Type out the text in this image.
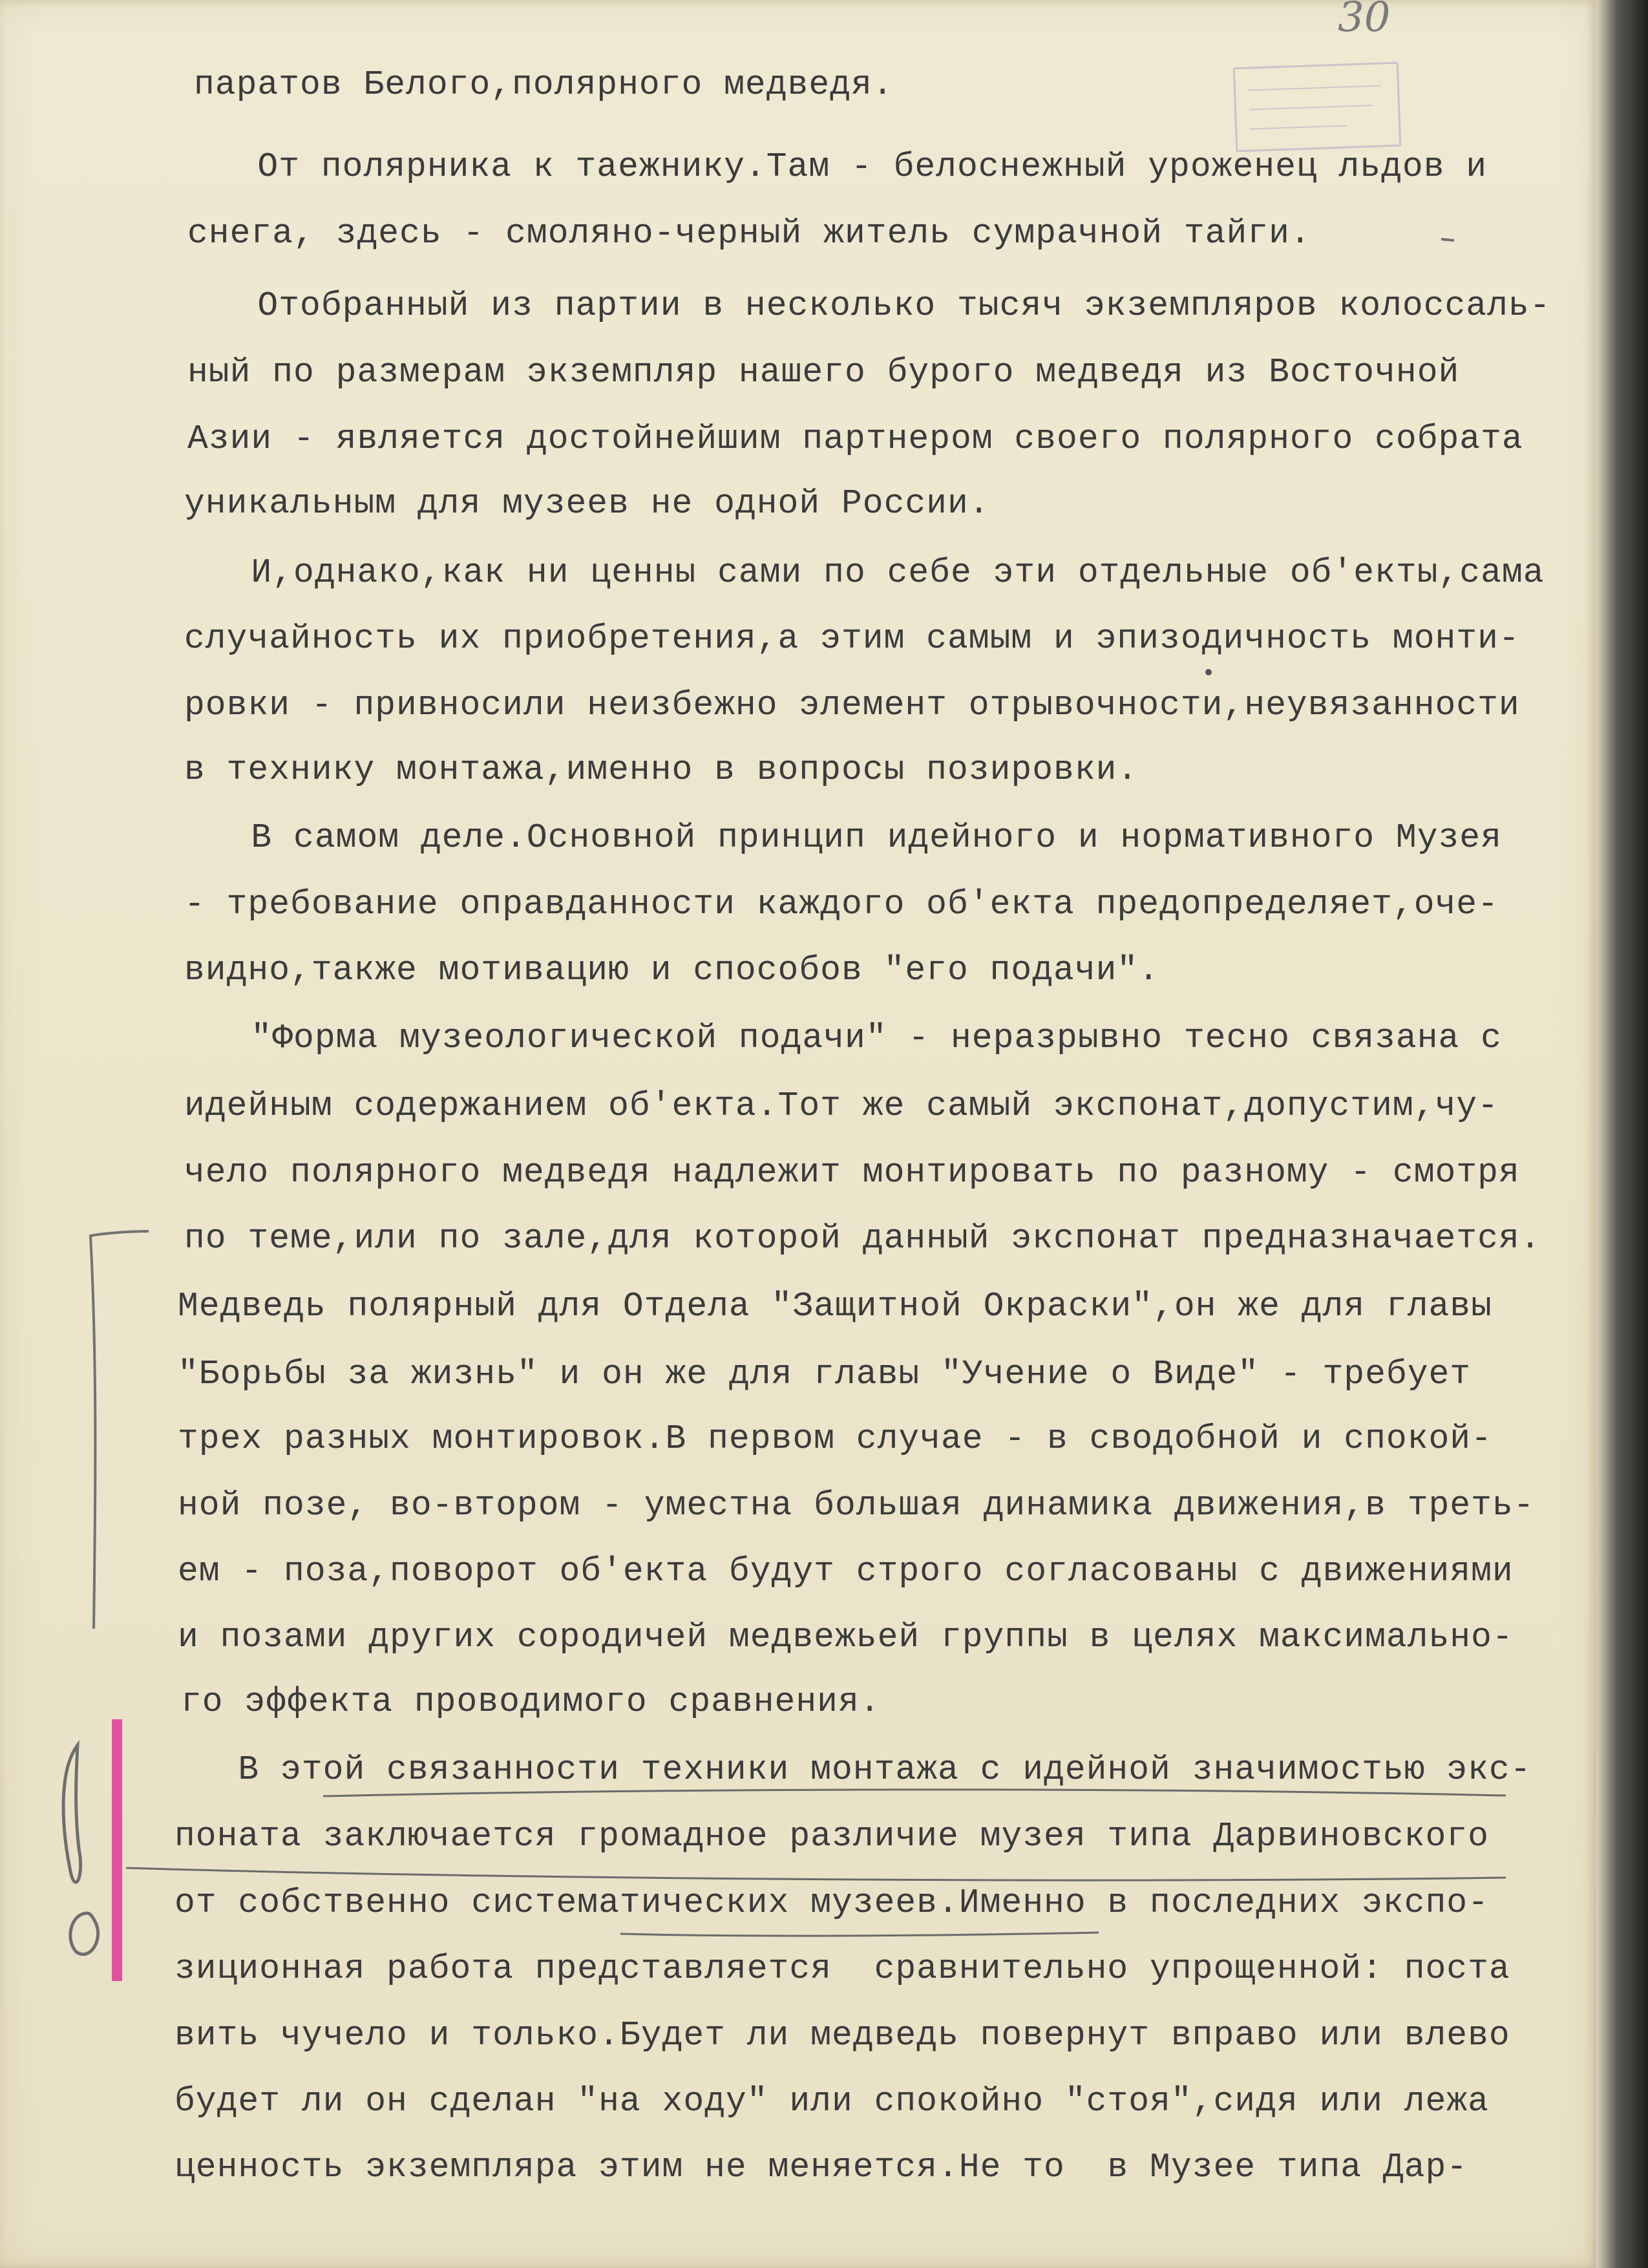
30
паратов Белого,полярного медведя.
От полярника к таежнику.Там - белоснежный уроженец льдов и
снега, здесь - смоляно-черный житель сумрачной тайги.
Отобранный из партии в несколько тысяч экземпляров колоссаль-
ный по размерам экземпляр нашего бурого медведя из Восточной
Азии - является достойнейшим партнером своего полярного собрата
уникальным для музеев не одной России.
И,однако,как ни ценны сами по себе эти отдельные об'екты,сама
случайность их приобретения,а этим самым и эпизодичность монти-
ровки - привносили неизбежно элемент отрывочности,неувязанности
в технику монтажа,именно в вопросы позировки.
В самом деле.Основной принцип идейного и нормативного Музея
- требование оправданности каждого об'екта предопределяет,оче-
видно,также мотивацию и способов "его подачи".
"Форма музеологической подачи" - неразрывно тесно связана с
идейным содержанием об'екта.Тот же самый экспонат,допустим,чу-
чело полярного медведя надлежит монтировать по разному - смотря
по теме,или по зале,для которой данный экспонат предназначается.
Медведь полярный для Отдела "Защитной Окраски",он же для главы
"Борьбы за жизнь" и он же для главы "Учение о Виде" - требует
трех разных монтировок.В первом случае - в сводобной и спокой-
ной позе, во-втором - уместна большая динамика движения,в треть-
ем - поза,поворот об'екта будут строго согласованы с движениями
и позами других сородичей медвежьей группы в целях максимально-
го эффекта проводимого сравнения.
В этой связанности техники монтажа с идейной значимостью экс-
поната заключается громадное различие музея типа Дарвиновского
от собственно систематических музеев.Именно в последних экспо-
зиционная работа представляется  сравнительно упрощенной: поста
вить чучело и только.Будет ли медведь повернут вправо или влево
будет ли он сделан "на ходу" или спокойно "стоя",сидя или лежа
ценность экземпляра этим не меняется.Не то  в Музее типа Дар-
